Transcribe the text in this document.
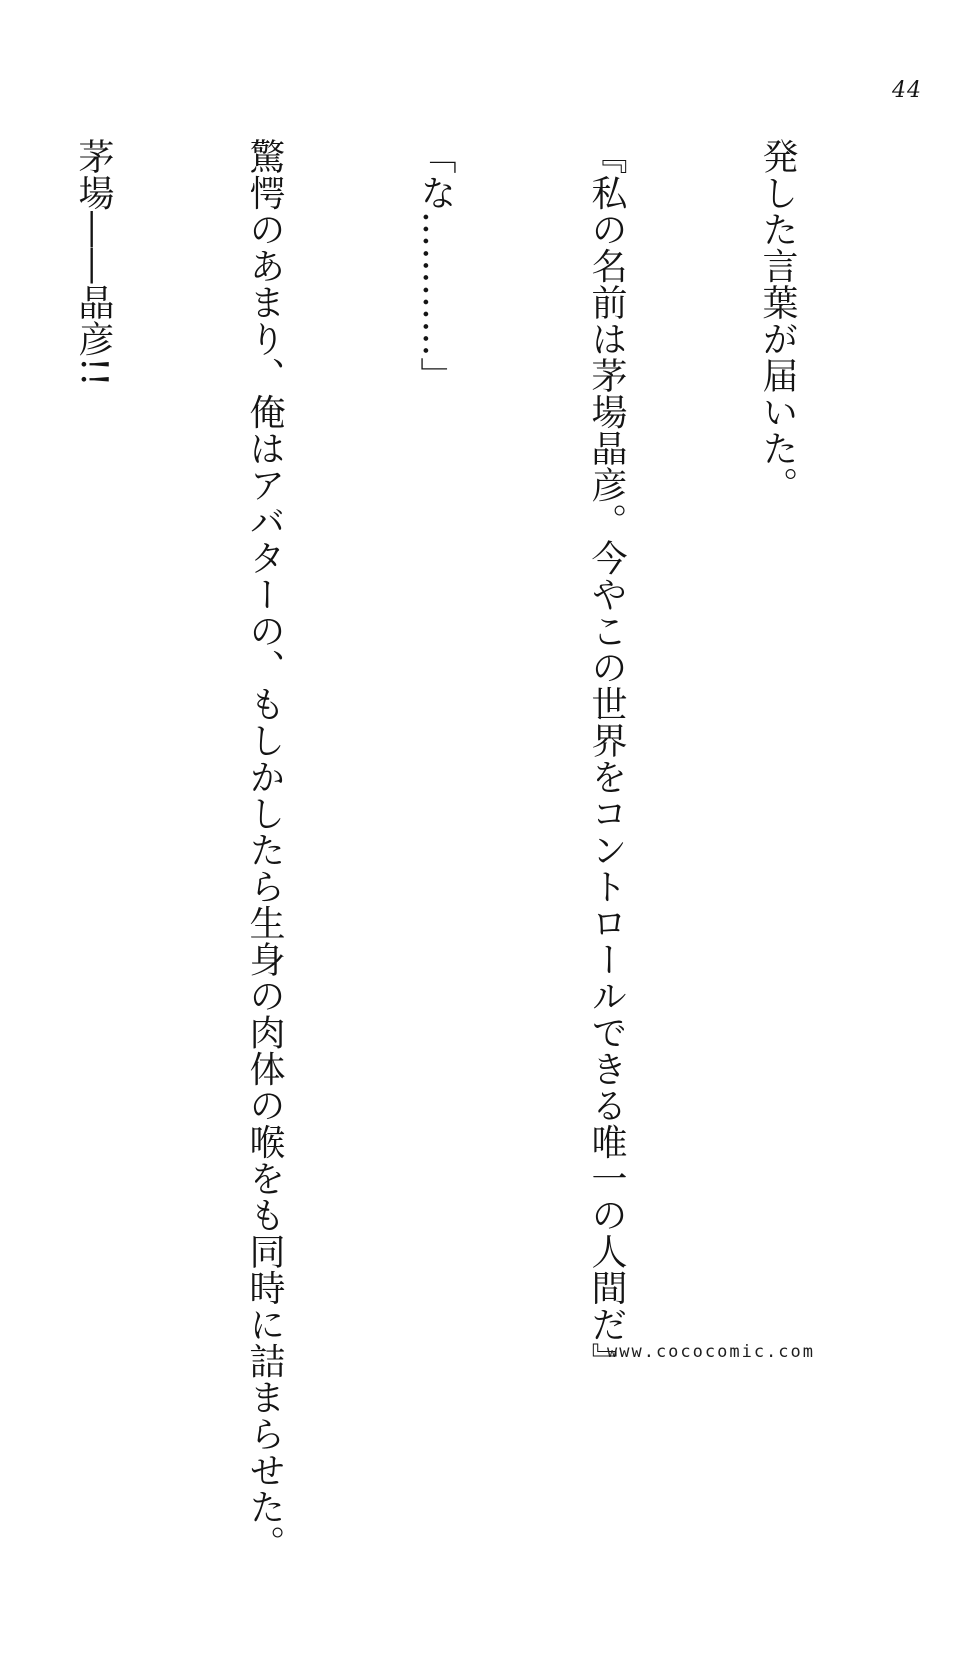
44

発した言葉が届いた。

『私の名前は茅場晶彦。今やこの世界をコントロールできる唯一の人間だ』

「な…………」

驚愕のあまり、俺はアバターの、もしかしたら生身の肉体の喉をも同時に詰まらせた。

茅場――晶彦!!

www.cococomic.com
